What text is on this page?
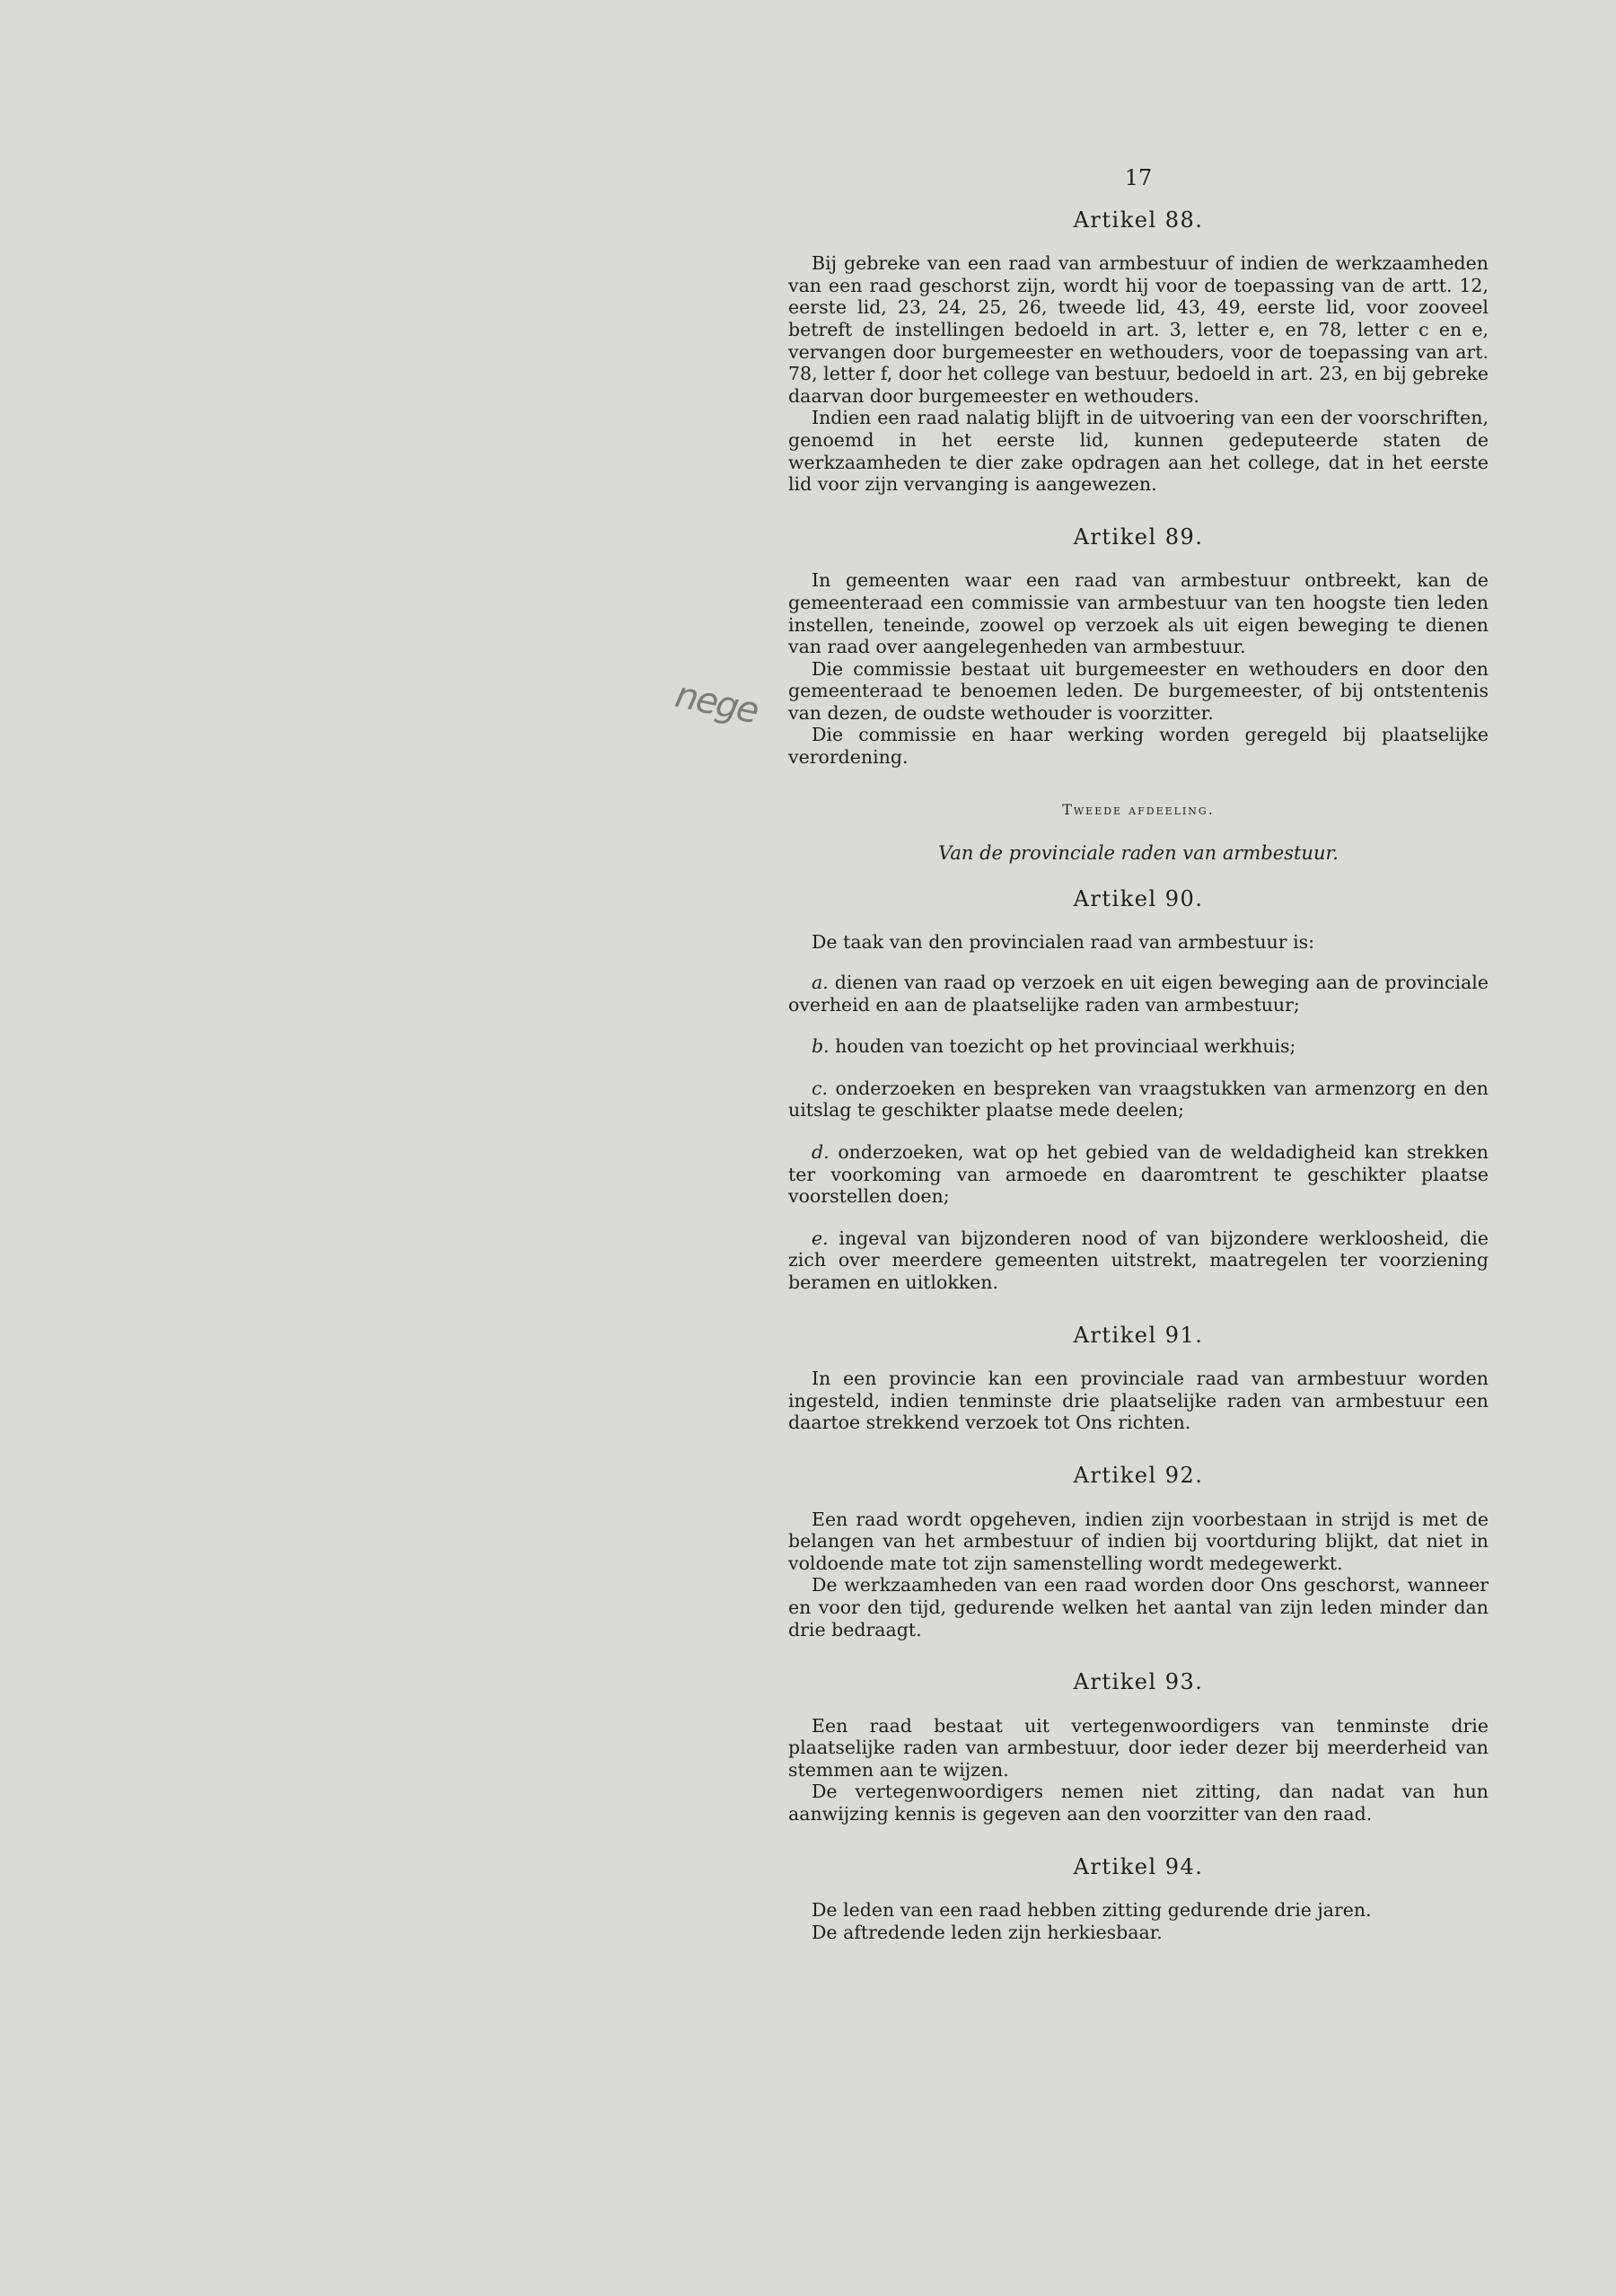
nege
17
Artikel 88.

Bij gebreke van een raad van armbestuur of indien de werkzaamheden van een raad geschorst zijn, wordt hij voor de toepassing van de artt. 12, eerste lid, 23, 24, 25, 26, tweede lid, 43, 49, eerste lid, voor zooveel betreft de instellingen bedoeld in art. 3, letter e, en 78, letter c en e, vervangen door burgemeester en wethouders, voor de toepassing van art. 78, letter f, door het college van bestuur, bedoeld in art. 23, en bij gebreke daarvan door burgemeester en wethouders.

Indien een raad nalatig blijft in de uitvoering van een der voorschriften, genoemd in het eerste lid, kunnen gedeputeerde staten de werkzaamheden te dier zake opdragen aan het college, dat in het eerste lid voor zijn vervanging is aangewezen.

Artikel 89.

In gemeenten waar een raad van armbestuur ontbreekt, kan de gemeenteraad een commissie van armbestuur van ten hoogste tien leden instellen, teneinde, zoowel op verzoek als uit eigen beweging te dienen van raad over aangelegenheden van armbestuur.

Die commissie bestaat uit burgemeester en wethouders en door den gemeenteraad te benoemen leden. De burgemeester, of bij ontstentenis van dezen, de oudste wethouder is voorzitter.

Die commissie en haar werking worden geregeld bij plaatselijke verordening.

Tweede afdeeling.
Van de provinciale raden van armbestuur.
Artikel 90.

De taak van den provincialen raad van armbestuur is:

a. dienen van raad op verzoek en uit eigen beweging aan de provinciale overheid en aan de plaatselijke raden van armbestuur;

b. houden van toezicht op het provinciaal werkhuis;

c. onderzoeken en bespreken van vraagstukken van armenzorg en den uitslag te geschikter plaatse mede deelen;

d. onderzoeken, wat op het gebied van de weldadigheid kan strekken ter voorkoming van armoede en daaromtrent te geschikter plaatse voorstellen doen;

e. ingeval van bijzonderen nood of van bijzondere werkloosheid, die zich over meerdere gemeenten uitstrekt, maatregelen ter voorziening beramen en uitlokken.

Artikel 91.

In een provincie kan een provinciale raad van armbestuur worden ingesteld, indien tenminste drie plaatselijke raden van armbestuur een daartoe strekkend verzoek tot Ons richten.

Artikel 92.

Een raad wordt opgeheven, indien zijn voorbestaan in strijd is met de belangen van het armbestuur of indien bij voortduring blijkt, dat niet in voldoende mate tot zijn samenstelling wordt medegewerkt.

De werkzaamheden van een raad worden door Ons geschorst, wanneer en voor den tijd, gedurende welken het aantal van zijn leden minder dan drie bedraagt.

Artikel 93.

Een raad bestaat uit vertegenwoordigers van tenminste drie plaatselijke raden van armbestuur, door ieder dezer bij meerderheid van stemmen aan te wijzen.

De vertegenwoordigers nemen niet zitting, dan nadat van hun aanwijzing kennis is gegeven aan den voorzitter van den raad.

Artikel 94.

De leden van een raad hebben zitting gedurende drie jaren.

De aftredende leden zijn herkiesbaar.
